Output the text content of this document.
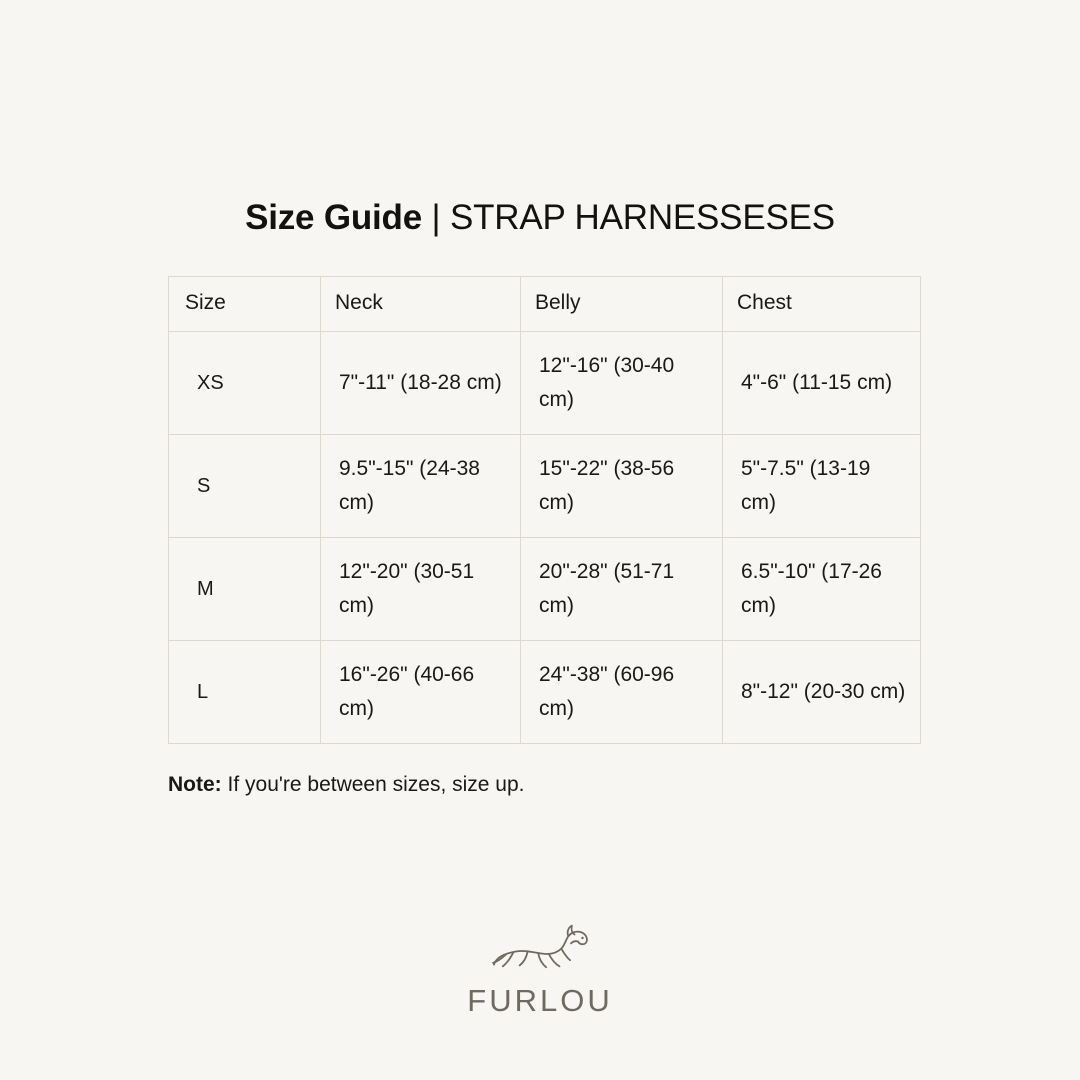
Size Guide | STRAP HARNESSESES
Size	Neck	Belly	Chest
XS	7"-11" (18-28 cm)	12"-16" (30-40 cm)	4"-6" (11-15 cm)
S	9.5"-15" (24-38 cm)	15"-22" (38-56 cm)	5"-7.5" (13-19 cm)
M	12"-20" (30-51 cm)	20"-28" (51-71 cm)	6.5"-10" (17-26 cm)
L	16"-26" (40-66 cm)	24"-38" (60-96 cm)	8"-12" (20-30 cm)
Note: If you're between sizes, size up.
FURLOU
